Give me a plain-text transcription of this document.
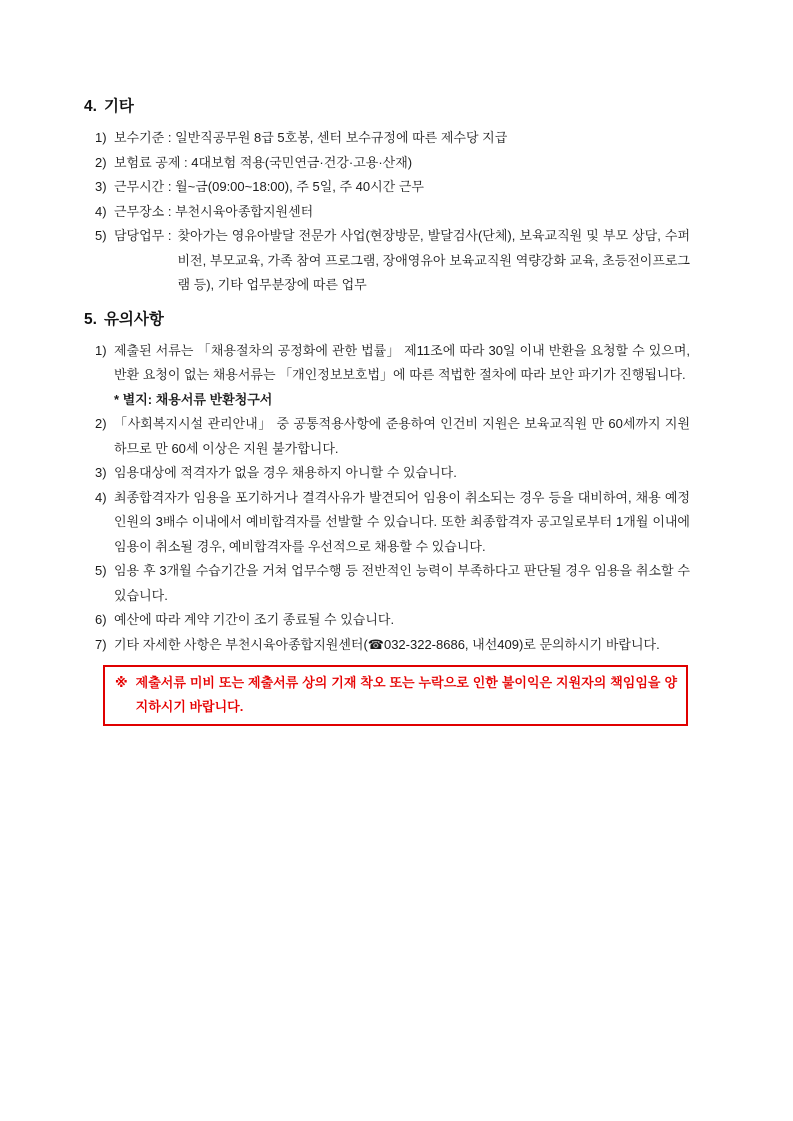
4. 기타
1) 보수기준 : 일반직공무원 8급 5호봉, 센터 보수규정에 따른 제수당 지급
2) 보험료 공제 : 4대보험 적용(국민연금·건강·고용·산재)
3) 근무시간 : 월~금(09:00~18:00), 주 5일, 주 40시간 근무
4) 근무장소 : 부천시육아종합지원센터
5) 담당업무 : 찾아가는 영유아발달 전문가 사업(현장방문, 발달검사(단체), 보육교직원 및 부모 상담, 수퍼비전, 부모교육, 가족 참여 프로그램, 장애영유아 보육교직원 역량강화 교육, 초등전이프로그램 등), 기타 업무분장에 따른 업무
5. 유의사항
1) 제출된 서류는 「채용절차의 공정화에 관한 법률」 제11조에 따라 30일 이내 반환을 요청할 수 있으며, 반환 요청이 없는 채용서류는 「개인정보보호법」에 따른 적법한 절차에 따라 보안 파기가 진행됩니다.
* 별지: 채용서류 반환청구서
2) 「사회복지시설 관리안내」 중 공통적용사항에 준용하여 인건비 지원은 보육교직원 만 60세까지 지원하므로 만 60세 이상은 지원 불가합니다.
3) 임용대상에 적격자가 없을 경우 채용하지 아니할 수 있습니다.
4) 최종합격자가 임용을 포기하거나 결격사유가 발견되어 임용이 취소되는 경우 등을 대비하여, 채용 예정 인원의 3배수 이내에서 예비합격자를 선발할 수 있습니다. 또한 최종합격자 공고일로부터 1개월 이내에 임용이 취소될 경우, 예비합격자를 우선적으로 채용할 수 있습니다.
5) 임용 후 3개월 수습기간을 거쳐 업무수행 등 전반적인 능력이 부족하다고 판단될 경우 임용을 취소할 수 있습니다.
6) 예산에 따라 계약 기간이 조기 종료될 수 있습니다.
7) 기타 자세한 사항은 부천시육아종합지원센터(☎032-322-8686, 내선409)로 문의하시기 바랍니다.
※ 제출서류 미비 또는 제출서류 상의 기재 착오 또는 누락으로 인한 불이익은 지원자의 책임임을 양지하시기 바랍니다.
